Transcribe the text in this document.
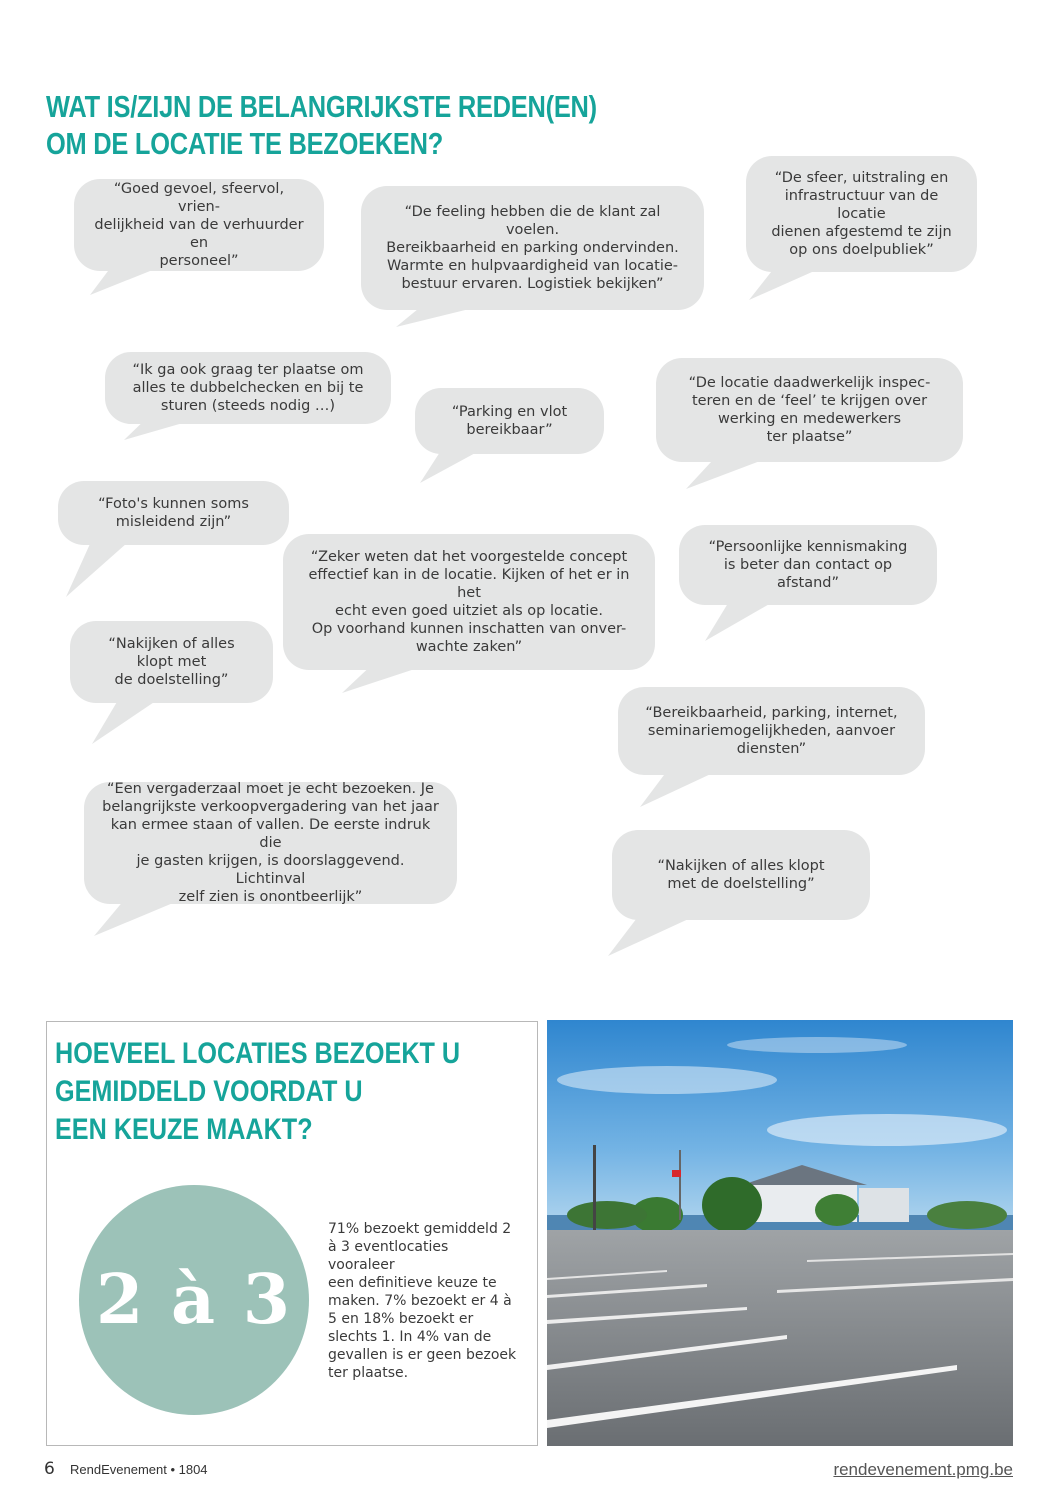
WAT IS/ZIJN DE BELANGRIJKSTE REDEN(EN)
OM DE LOCATIE TE BEZOEKEN?
“Goed gevoel, sfeervol, vrien-
delijkheid van de verhuurder en
personeel”
“De feeling hebben die de klant zal voelen.
Bereikbaarheid en parking ondervinden.
Warmte en hulpvaardigheid van locatie-
bestuur ervaren. Logistiek bekijken”
“De sfeer, uitstraling en
infrastructuur van de locatie
dienen afgestemd te zijn
op ons doelpubliek”
“Ik ga ook graag ter plaatse om
alles te dubbelchecken en bij te
sturen (steeds nodig …)	“Parking en vlot
bereikbaar”
“De locatie daadwerkelijk inspec-
teren en de ‘feel’ te krijgen over
werking en medewerkers
ter plaatse”
“Foto's kunnen soms
misleidend zijn”
“Zeker weten dat het voorgestelde concept
effectief kan in de locatie. Kijken of het er in het
echt even goed uitziet als op locatie.
Op voorhand kunnen inschatten van onver-
wachte zaken”
“Persoonlijke kennismaking
is beter dan contact op
afstand”
“Nakijken of alles klopt met
de doelstelling”
“Bereikbaarheid, parking, internet,
seminariemogelijkheden, aanvoer
diensten”
“Een vergaderzaal moet je echt bezoeken. Je
belangrijkste verkoopvergadering van het jaar
kan ermee staan of vallen. De eerste indruk die
je gasten krijgen, is doorslaggevend. Lichtinval
zelf zien is onontbeerlijk”
“Nakijken of alles klopt
met de doelstelling”
HOEVEEL LOCATIES BEZOEKT U
GEMIDDELD VOORDAT U
EEN KEUZE MAAKT?
2 à 3
71% bezoekt gemiddeld 2
à 3 eventlocaties vooraleer
een definitieve keuze te
maken. 7% bezoekt er 4 à
5 en 18% bezoekt er
slechts 1. In 4% van de
gevallen is er geen bezoek
ter plaatse.
6 RendEvenement • 1804	rendevenement.pmg.be
